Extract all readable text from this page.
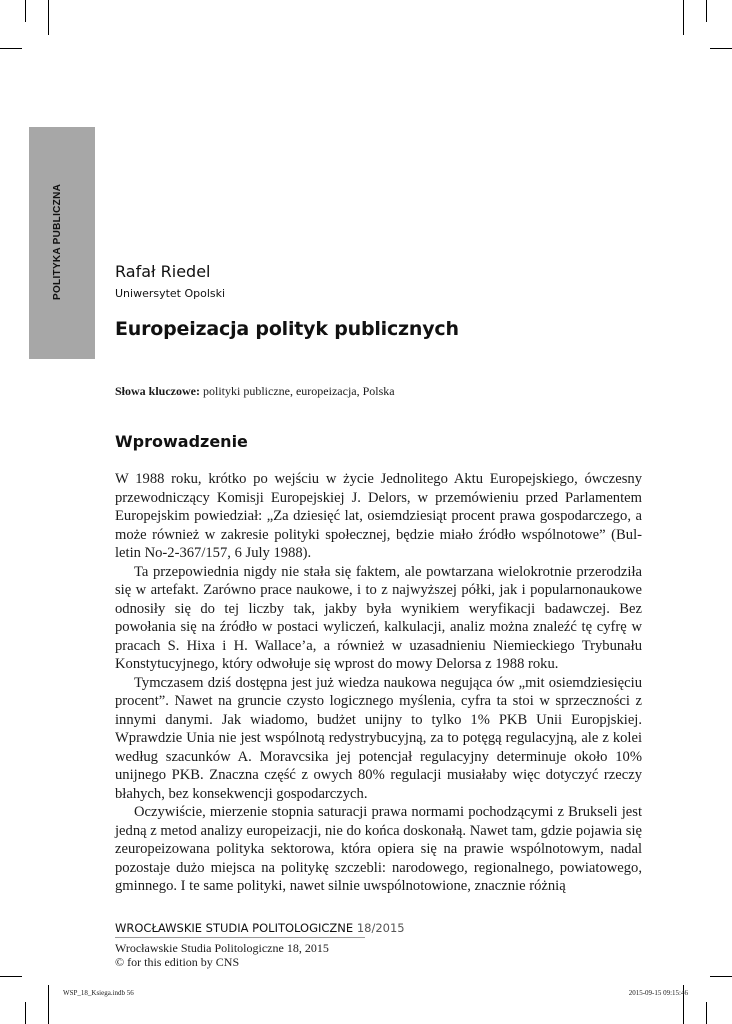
POLITYKA PUBLICZNA	Rafał Riedel
Uniwersytet Opolski
Europeizacja polityk publicznych
Słowa kluczowe: polityki publiczne, europeizacja, Polska
Wprowadzenie

W 1988 roku, krótko po wejściu w życie Jednolitego Aktu Europejskiego, ówczesny przewodniczący Komisji Europejskiej J. Delors, w przemówieniu przed Parlamentem Europejskim powiedział: „Za dziesięć lat, osiemdziesiąt procent prawa gospodarczego, a może również w zakresie polityki społecznej, będzie miało źródło wspólnotowe” (Bulletin No-2-367/157, 6 July 1988).

Ta przepowiednia nigdy nie stała się faktem, ale powtarzana wielokrotnie przerodziła się w artefakt. Zarówno prace naukowe, i to z najwyższej półki, jak i popularnonaukowe odnosiły się do tej liczby tak, jakby była wynikiem weryfikacji badawczej. Bez powołania się na źródło w postaci wyliczeń, kalkulacji, analiz można znaleźć tę cyfrę w pracach S. Hixa i H. Wallace’a, a również w uzasadnieniu Niemieckiego Trybunału Konstytucyjnego, który odwołuje się wprost do mowy Delorsa z 1988 roku.

Tymczasem dziś dostępna jest już wiedza naukowa negująca ów „mit osiemdziesięciu procent”. Nawet na gruncie czysto logicznego myślenia, cyfra ta stoi w sprzeczności z innymi danymi. Jak wiadomo, budżet unijny to tylko 1% PKB Unii Europjskiej. Wprawdzie Unia nie jest wspólnotą redystrybucyjną, za to potęgą regulacyjną, ale z kolei według szacunków A. Moravcsika jej potencjał regulacyjny determinuje około 10% unijnego PKB. Znaczna część z owych 80% regulacji musiałaby więc dotyczyć rzeczy błahych, bez konsekwencji gospodarczych.

Oczywiście, mierzenie stopnia saturacji prawa normami pochodzącymi z Brukseli jest jedną z metod analizy europeizacji, nie do końca doskonałą. Nawet tam, gdzie pojawia się zeuropeizowana polityka sektorowa, która opiera się na prawie wspólnotowym, nadal pozostaje dużo miejsca na politykę szczebli: narodowego, regionalnego, powiatowego, gminnego. I te same polityki, nawet silnie uwspólnotowione, znacznie różnią

WROCŁAWSKIE STUDIA POLITOLOGICZNE 18/2015
Wrocławskie Studia Politologiczne 18, 2015
© for this edition by CNS
WSP_18_Ksiega.indb 56	2015-09-15 09:15:46
